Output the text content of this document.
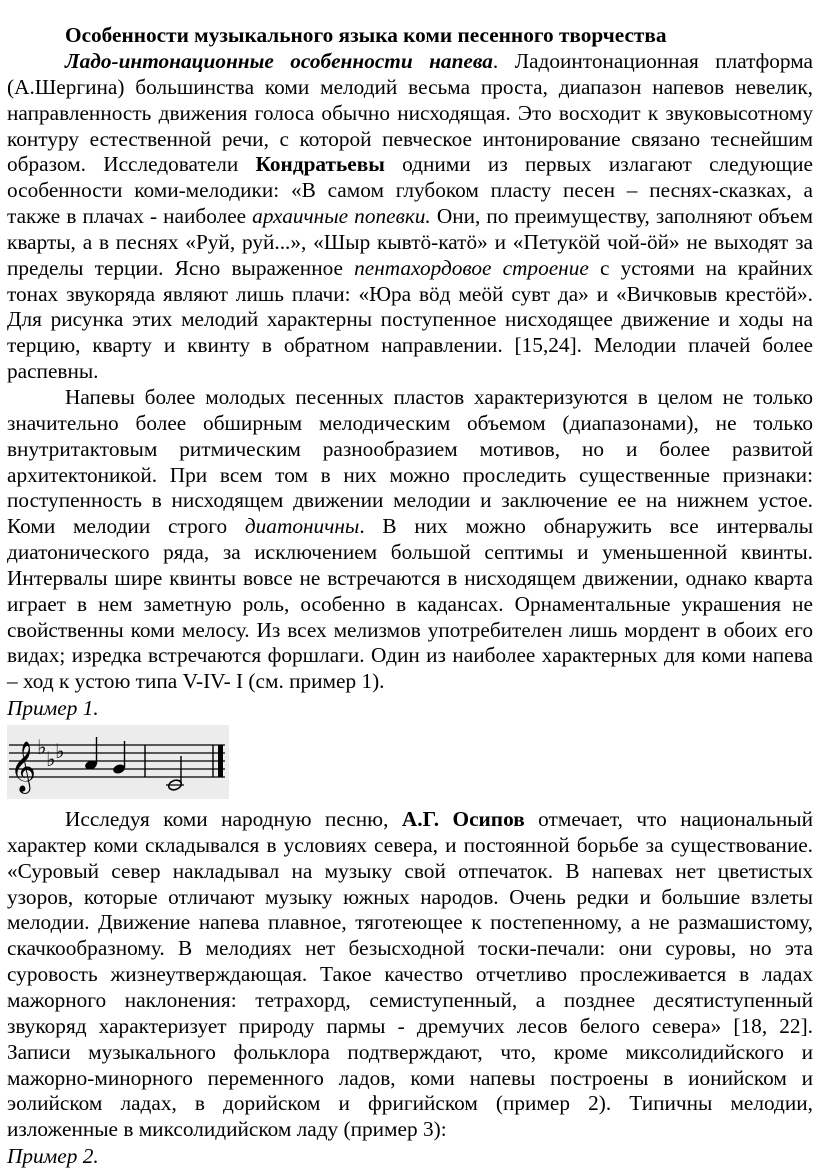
Особенности музыкального языка коми песенного творчества

Ладо-интонационные особенности напева. Ладоинтонационная платформа (А.Шергина) большинства коми мелодий весьма проста, диапазон напевов невелик, направленность движения голоса обычно нисходящая. Это восходит к звуковысотному контуру естественной речи, с которой певческое интонирование связано теснейшим образом. Исследователи Кондратьевы одними из первых излагают следующие особенности коми-мелодики: «В самом глубоком пласту песен – песнях-сказках, а также в плачах - наиболее архаичные попевки. Они, по преимуществу, заполняют объем кварты, а в песнях «Руй, руй...», «Шыр кывтӧ-катӧ» и «Петукӧй чой-ӧй» не выходят за пределы терции. Ясно выраженное пентахордовое строение с устоями на крайних тонах звукоряда являют лишь плачи: «Юра вӧд меӧй сувт да» и «Вичковыв крестӧй». Для рисунка этих мелодий характерны поступенное нисходящее движение и ходы на терцию, кварту и квинту в обратном направлении. [15,24]. Мелодии плачей более распевны.

Напевы более молодых песенных пластов характеризуются в целом не только значительно более обширным мелодическим объемом (диапазонами), не только внутритактовым ритмическим разнообразием мотивов, но и более развитой архитектоникой. При всем том в них можно проследить существенные признаки: поступенность в нисходящем движении мелодии и заключение ее на нижнем устое. Коми мелодии строго диатоничны. В них можно обнаружить все интервалы диатонического ряда, за исключением большой септимы и уменьшенной квинты. Интервалы шире квинты вовсе не встречаются в нисходящем движении, однако кварта играет в нем заметную роль, особенно в кадансах. Орнаментальные украшения не свойственны коми мелосу. Из всех мелизмов употребителен лишь мордент в обоих его видах; изредка встречаются форшлаги. Один из наиболее характерных для коми напева – ход к устою типа V-IV- I (см. пример 1).

Пример 1.
𝄞 ♭ ♭ ♭

Исследуя коми народную песню, А.Г. Осипов отмечает, что национальный характер коми складывался в условиях севера, и постоянной борьбе за существование. «Суровый север накладывал на музыку свой отпечаток. В напевах нет цветистых узоров, которые отличают музыку южных народов. Очень редки и большие взлеты мелодии. Движение напева плавное, тяготеющее к постепенному, а не размашистому, скачкообразному. В мелодиях нет безысходной тоски-печали: они суровы, но эта суровость жизнеутверждающая. Такое качество отчетливо прослеживается в ладах мажорного наклонения: тетрахорд, семиступенный, а позднее десятиступенный звукоряд характеризует природу пармы - дремучих лесов белого севера» [18, 22]. Записи музыкального фольклора подтверждают, что, кроме миксолидийского и мажорно-минорного переменного ладов, коми напевы построены в ионийском и эолийском ладах, в дорийском и фригийском (пример 2). Типичны мелодии, изложенные в миксолидийском ладу (пример 3):

Пример 2.
